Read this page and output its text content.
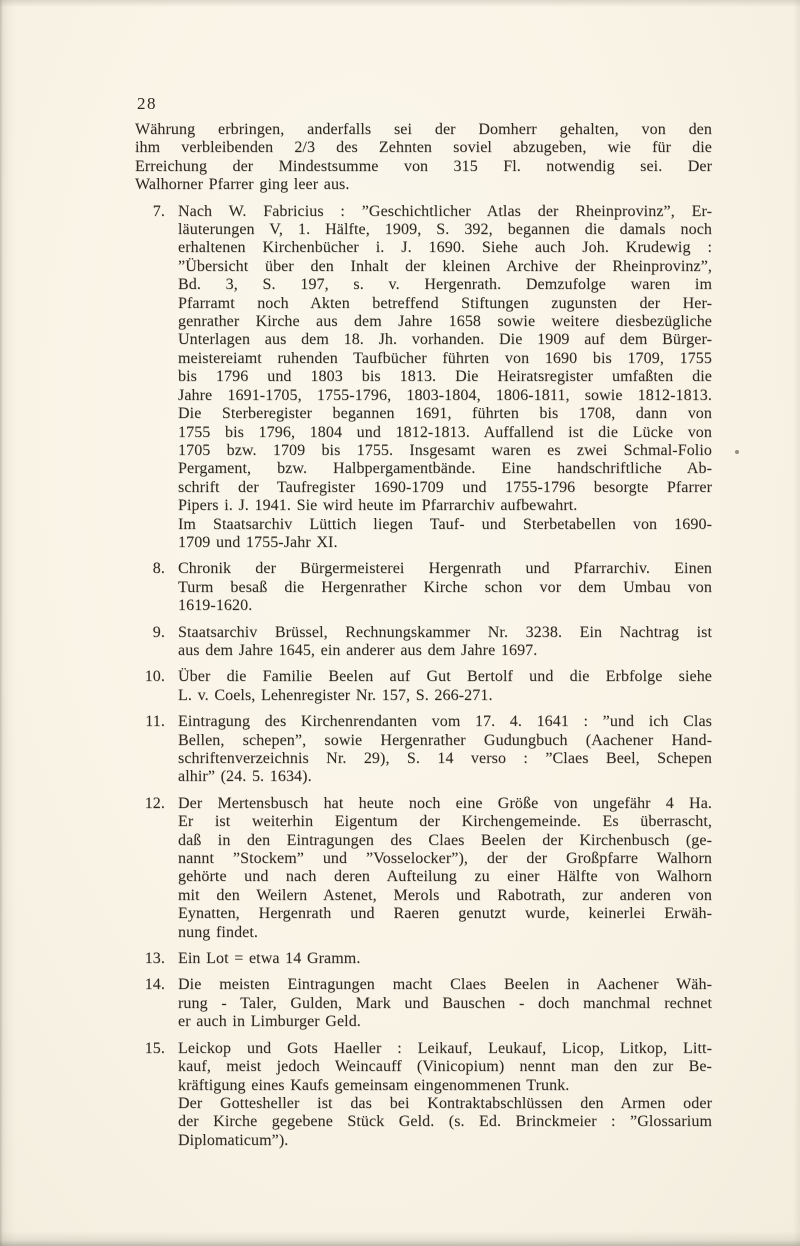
28
Währung erbringen, anderfalls sei der Domherr gehalten, von den
ihm verbleibenden 2/3 des Zehnten soviel abzugeben, wie für die
Erreichung der Mindestsumme von 315 Fl. notwendig sei. Der
Walhorner Pfarrer ging leer aus.
7. Nach W. Fabricius : ”Geschichtlicher Atlas der Rheinprovinz”, Er-
läuterungen V, 1. Hälfte, 1909, S. 392, begannen die damals noch
erhaltenen Kirchenbücher i. J. 1690. Siehe auch Joh. Krudewig :
”Übersicht über den Inhalt der kleinen Archive der Rheinprovinz”,
Bd. 3, S. 197, s. v. Hergenrath. Demzufolge waren im
Pfarramt noch Akten betreffend Stiftungen zugunsten der Her-
genrather Kirche aus dem Jahre 1658 sowie weitere diesbezügliche
Unterlagen aus dem 18. Jh. vorhanden. Die 1909 auf dem Bürger-
meistereiamt ruhenden Taufbücher führten von 1690 bis 1709, 1755
bis 1796 und 1803 bis 1813. Die Heiratsregister umfaßten die
Jahre 1691-1705, 1755-1796, 1803-1804, 1806-1811, sowie 1812-1813.
Die Sterberegister begannen 1691, führten bis 1708, dann von
1755 bis 1796, 1804 und 1812-1813. Auffallend ist die Lücke von
1705 bzw. 1709 bis 1755. Insgesamt waren es zwei Schmal-Folio
Pergament, bzw. Halbpergamentbände. Eine handschriftliche Ab-
schrift der Taufregister 1690-1709 und 1755-1796 besorgte Pfarrer
Pipers i. J. 1941. Sie wird heute im Pfarrarchiv aufbewahrt.
Im Staatsarchiv Lüttich liegen Tauf- und Sterbetabellen von 1690-
1709 und 1755-Jahr XI.
8. Chronik der Bürgermeisterei Hergenrath und Pfarrarchiv. Einen
Turm besaß die Hergenrather Kirche schon vor dem Umbau von
1619-1620.
9. Staatsarchiv Brüssel, Rechnungskammer Nr. 3238. Ein Nachtrag ist
aus dem Jahre 1645, ein anderer aus dem Jahre 1697.
10. Über die Familie Beelen auf Gut Bertolf und die Erbfolge siehe
L. v. Coels, Lehenregister Nr. 157, S. 266-271.
11. Eintragung des Kirchenrendanten vom 17. 4. 1641 : ”und ich Clas
Bellen, schepen”, sowie Hergenrather Gudungbuch (Aachener Hand-
schriftenverzeichnis Nr. 29), S. 14 verso : ”Claes Beel, Schepen
alhir” (24. 5. 1634).
12. Der Mertensbusch hat heute noch eine Größe von ungefähr 4 Ha.
Er ist weiterhin Eigentum der Kirchengemeinde. Es überrascht,
daß in den Eintragungen des Claes Beelen der Kirchenbusch (ge-
nannt ”Stockem” und ”Vosselocker”), der der Großpfarre Walhorn
gehörte und nach deren Aufteilung zu einer Hälfte von Walhorn
mit den Weilern Astenet, Merols und Rabotrath, zur anderen von
Eynatten, Hergenrath und Raeren genutzt wurde, keinerlei Erwäh-
nung findet.
13. Ein Lot = etwa 14 Gramm.
14. Die meisten Eintragungen macht Claes Beelen in Aachener Wäh-
rung - Taler, Gulden, Mark und Bauschen - doch manchmal rechnet
er auch in Limburger Geld.
15. Leickop und Gots Haeller : Leikauf, Leukauf, Licop, Litkop, Litt-
kauf, meist jedoch Weincauff (Vinicopium) nennt man den zur Be-
kräftigung eines Kaufs gemeinsam eingenommenen Trunk.
Der Gottesheller ist das bei Kontraktabschlüssen den Armen oder
der Kirche gegebene Stück Geld. (s. Ed. Brinckmeier : ”Glossarium
Diplomaticum”).
